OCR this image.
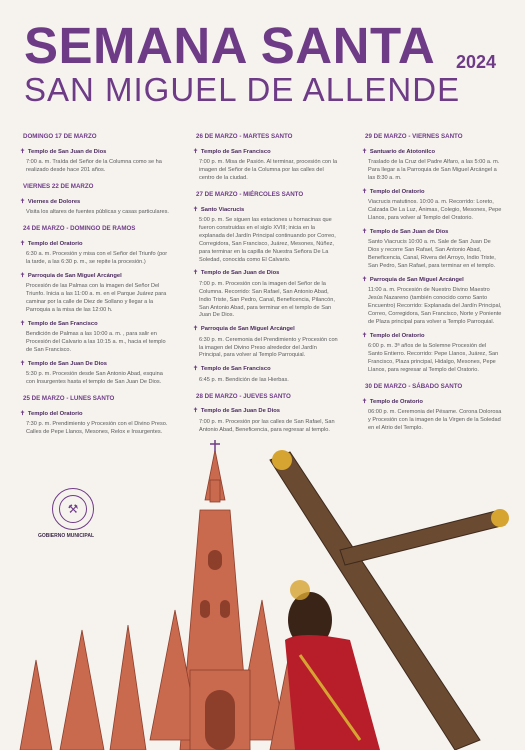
SEMANA SANTA 2024
SAN MIGUEL DE ALLENDE
DOMINGO 17 DE MARZO
✝ Templo de San Juan de Dios
7:00 a. m. Traída del Señor de la Columna como se ha realizado desde hace 201 años.
VIERNES 22 DE MARZO
✝ Viernes de Dolores
Visita los altares de fuentes públicas y casas particulares.
24 DE MARZO - DOMINGO DE RAMOS
✝ Templo del Oratorio
6:30 a. m. Procesión y misa con el Señor del Triunfo (por la tarde, a las 6:30 p. m., se repite la procesión.)
✝ Parroquia de San Miguel Arcángel
Procesión de las Palmas con la imagen del Señor Del Triunfo. Inicia a las 11:00 a. m. en el Parque Juárez para caminar por la calle de Diez de Sollano y llegar a la Parroquia a la misa de las 12:00 h.
✝ Templo de San Francisco
Bendición de Palmas a las 10:00 a. m. , para salir en Procesión del Calvario a las 10:15 a. m., hacia el templo de San Francisco.
✝ Templo de San Juan De Dios
5:30 p. m. Procesión desde San Antonio Abad, esquina con Insurgentes hasta el templo de San Juan De Dios.
25 DE MARZO - LUNES SANTO
✝ Templo del Oratorio
7:30 p. m. Prendimiento y Procesión con el Divino Preso. Calles de Pepe Llanos, Mesones, Relox e Insurgentes.
26 DE MARZO - MARTES SANTO
✝ Templo de San Francisco
7:00 p. m. Misa de Pasión. Al terminar, procesión con la imagen del Señor de la Columna por las calles del centro de la ciudad.
27 DE MARZO - MIÉRCOLES SANTO
✝ Santo Viacrucis
5:00 p. m. Se siguen las estaciones u hornacinas que fueron construidas en el siglo XVIII; inicia en la explanada del Jardín Principal continuando por Correo, Corregidora, San Francisco, Juárez, Mesones, Núñez, para terminar en la capilla de Nuestra Señora De La Soledad, conocida como El Calvario.
✝ Templo de San Juan de Dios
7:00 p. m. Procesión con la imagen del Señor de la Columna. Recorrido: San Rafael, San Antonio Abad, Indio Triste, San Pedro, Canal, Beneficencia, Pilancón, San Antonio Abad, para terminar en el templo de San Juan De Dios.
✝ Parroquia de San Miguel Arcángel
6:30 p. m. Ceremonia del Prendimiento y Procesión con la imagen del Divino Preso alrededor del Jardín Principal, para volver al Templo Parroquial.
✝ Templo de San Francisco
6:45 p. m. Bendición de las Hierbas.
28 DE MARZO - JUEVES SANTO
✝ Templo de San Juan De Dios
7:00 p. m. Procesión por las calles de San Rafael, San Antonio Abad, Beneficencia, para regresar al templo.
29 DE MARZO - VIERNES SANTO
✝ Santuario de Atotonilco
Traslado de la Cruz del Padre Alfaro, a las 5:00 a. m. Para llegar a la Parroquia de San Miguel Arcángel a las 8:30 a. m.
✝ Templo del Oratorio
Viacrucis matutinos. 10:00 a. m. Recorrido: Loreto, Calzada De La Luz, Ánimas, Colegio, Mesones, Pepe Llanos, para volver al Templo del Oratorio.
✝ Templo de San Juan de Dios
Santo Viacrucis 10:00 a. m. Sale de San Juan De Dios y recorre San Rafael, San Antonio Abad, Beneficencia, Canal, Rivera del Arroyo, Indio Triste, San Pedro, San Rafael, para terminar en el templo.
✝ Parroquia de San Miguel Arcángel
11:00 a. m. Procesión de Nuestro Divino Maestro Jesús Nazareno (también conocido como Santo Encuentro) Recorrido: Explanada del Jardín Principal, Correo, Corregidora, San Francisco, Norte y Poniente de Plaza principal para volver a Templo Parroquial.
✝ Templo del Oratorio
6:00 p. m. 3ª años de la Solemne Procesión del Santo Entierro. Recorrido: Pepe Llanos, Juárez, San Francisco, Plaza principal, Hidalgo, Mesones, Pepe Llanos, para regresar al Templo del Oratorio.
30 DE MARZO - SÁBADO SANTO
✝ Templo de Oratorio
06:00 p. m. Ceremonia del Pésame. Corona Dolorosa y Procesión con la imagen de la Virgen de la Soledad en el Atrio del Templo.
⚒
GOBIERNO MUNICIPAL
